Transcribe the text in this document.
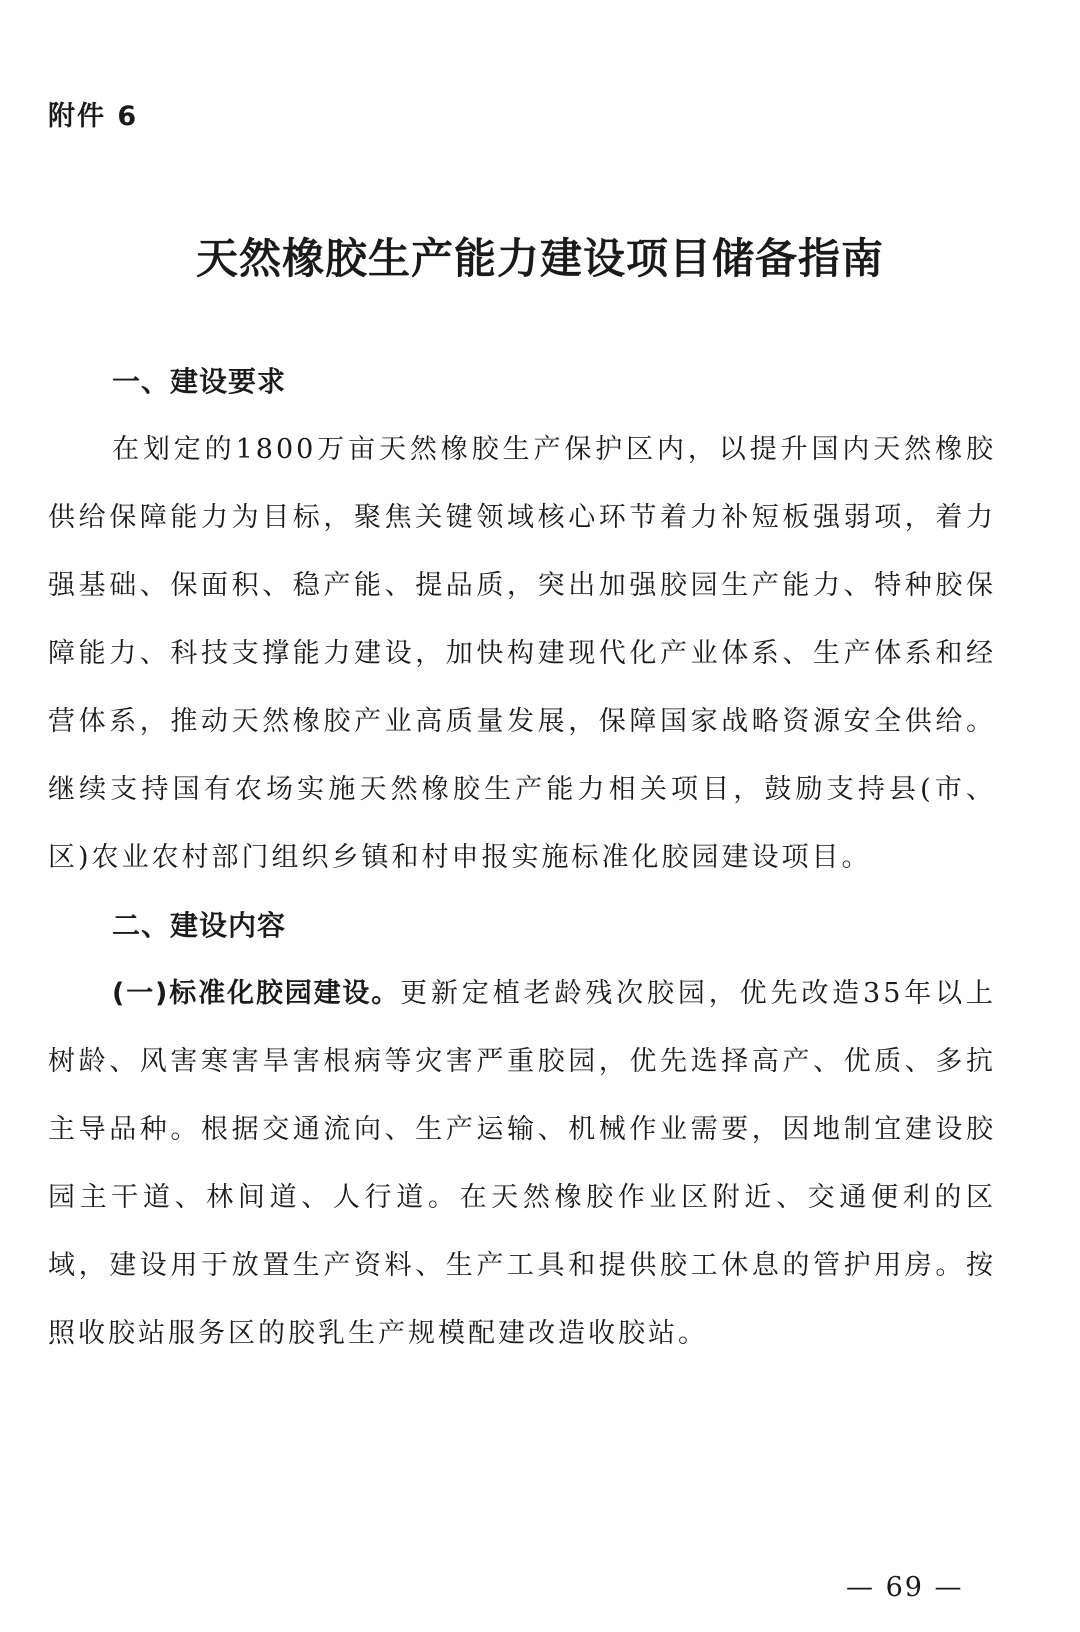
附件 6

天然橡胶生产能力建设项目储备指南
一、建设要求

在划定的1800万亩天然橡胶生产保护区内，以提升国内天然橡胶供给保障能力为目标，聚焦关键领域核心环节着力补短板强弱项，着力强基础、保面积、稳产能、提品质，突出加强胶园生产能力、特种胶保障能力、科技支撑能力建设，加快构建现代化产业体系、生产体系和经营体系，推动天然橡胶产业高质量发展，保障国家战略资源安全供给。继续支持国有农场实施天然橡胶生产能力相关项目，鼓励支持县(市、区)农业农村部门组织乡镇和村申报实施标准化胶园建设项目。

二、建设内容

(一)标准化胶园建设。更新定植老龄残次胶园，优先改造35年以上树龄、风害寒害旱害根病等灾害严重胶园，优先选择高产、优质、多抗主导品种。根据交通流向、生产运输、机械作业需要，因地制宜建设胶园主干道、林间道、人行道。在天然橡胶作业区附近、交通便利的区域，建设用于放置生产资料、生产工具和提供胶工休息的管护用房。按照收胶站服务区的胶乳生产规模配建改造收胶站。

— 69 —
